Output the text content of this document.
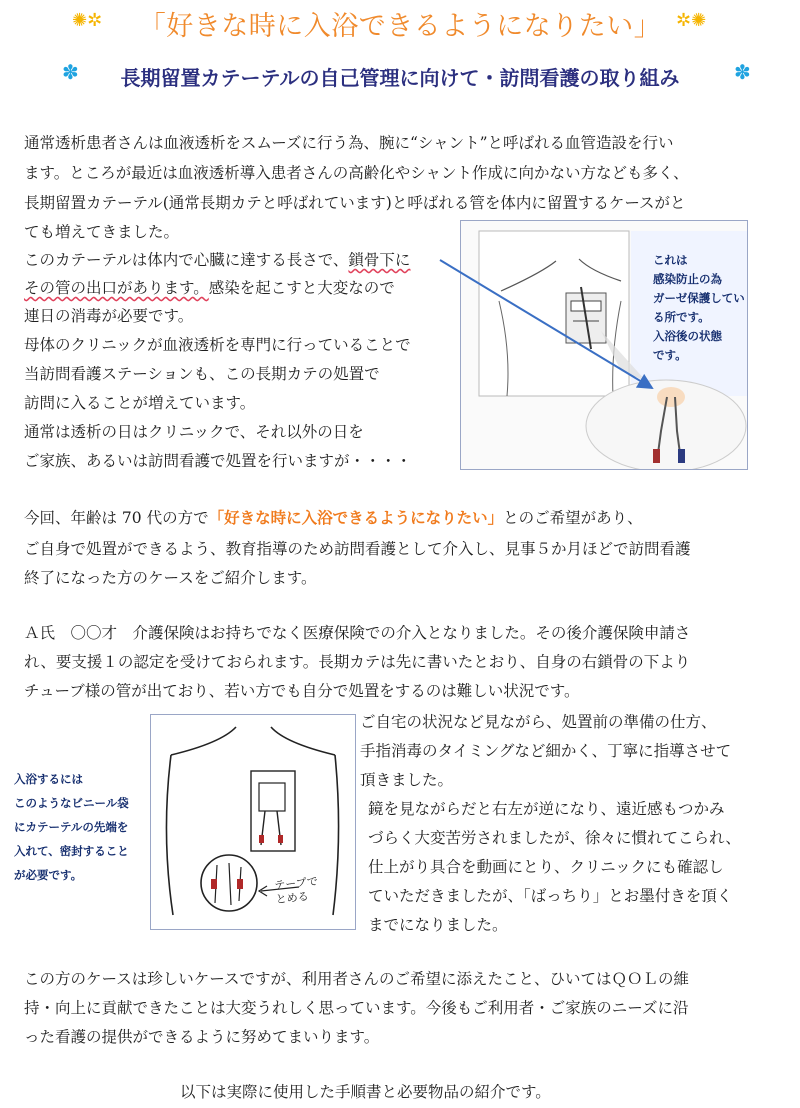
✺✲	「好きな時に入浴できるようになりたい」 ✲✺
✽	長期留置カテーテルの自己管理に向けて・訪問看護の取り組み	✽
通常透析患者さんは血液透析をスムーズに行う為、腕に“シャント”と呼ばれる血管造設を行い
ます。ところが最近は血液透析導入患者さんの高齢化やシャント作成に向かない方なども多く、
長期留置カテーテル(通常長期カテと呼ばれています)と呼ばれる管を体内に留置するケースがと
ても増えてきました。
このカテーテルは体内で心臓に達する長さで、鎖骨下に
その管の出口があります。感染を起こすと大変なので
連日の消毒が必要です。
母体のクリニックが血液透析を専門に行っていることで
当訪問看護ステーションも、この長期カテの処置で
訪問に入ることが増えています。
通常は透析の日はクリニックで、それ以外の日を
ご家族、あるいは訪問看護で処置を行いますが・・・・
これは
感染防止の為
ガーゼ保護してい
る所です。
入浴後の状態
です。
今回、年齢は 70 代の方で「好きな時に入浴できるようになりたい」とのご希望があり、
ご自身で処置ができるよう、教育指導のため訪問看護として介入し、見事５か月ほどで訪問看護
終了になった方のケースをご紹介します。
Ａ氏　〇〇才　介護保険はお持ちでなく医療保険での介入となりました。その後介護保険申請さ
れ、要支援１の認定を受けておられます。長期カテは先に書いたとおり、自身の右鎖骨の下より
チューブ様の管が出ており、若い方でも自分で処置をするのは難しい状況です。
入浴するには
このようなビニール袋
にカテーテルの先端を
入れて、密封すること
が必要です。	テープで
とめる
ご自宅の状況など見ながら、処置前の準備の仕方、
手指消毒のタイミングなど細かく、丁寧に指導させて
頂きました。
鏡を見ながらだと右左が逆になり、遠近感もつかみ
づらく大変苦労されましたが、徐々に慣れてこられ、
仕上がり具合を動画にとり、クリニックにも確認し
ていただきましたが、「ばっちり」とお墨付きを頂く
までになりました。
この方のケースは珍しいケースですが、利用者さんのご希望に添えたこと、ひいてはＱＯＬの維
持・向上に貢献できたことは大変うれしく思っています。今後もご利用者・ご家族のニーズに沿
った看護の提供ができるように努めてまいります。
以下は実際に使用した手順書と必要物品の紹介です。
